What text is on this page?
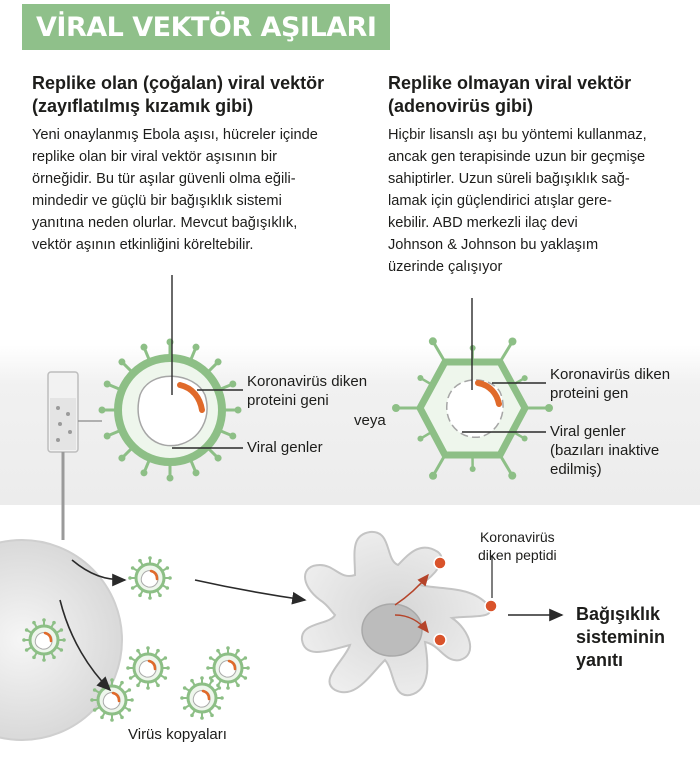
VİRAL VEKTÖR AŞILARI
Replike olan (çoğalan) viral vektör
(zayıflatılmış kızamık gibi)
Yeni onaylanmış Ebola aşısı, hücreler içinde
replike olan bir viral vektör aşısının bir
örneğidir. Bu tür aşılar güvenli olma eğili-
mindedir ve güçlü bir bağışıklık sistemi
yanıtına neden olurlar. Mevcut bağışıklık,
vektör aşının etkinliğini köreltebilir.
Replike olmayan viral vektör
(adenovirüs gibi)
Hiçbir lisanslı aşı bu yöntemi kullanmaz,
ancak gen terapisinde uzun bir geçmişe
sahiptirler. Uzun süreli bağışıklık sağ-
lamak için güçlendirici atışlar gere-
kebilir. ABD merkezli ilaç devi
Johnson & Johnson bu yaklaşım
üzerinde çalışıyor
Koronavirüs diken
proteini geni
Viral genler
veya
Koronavirüs diken
proteini gen
Viral genler
(bazıları inaktive
edilmiş)
Koronavirüs
diken peptidi
Bağışıklık
sisteminin
yanıtı
Virüs kopyaları
